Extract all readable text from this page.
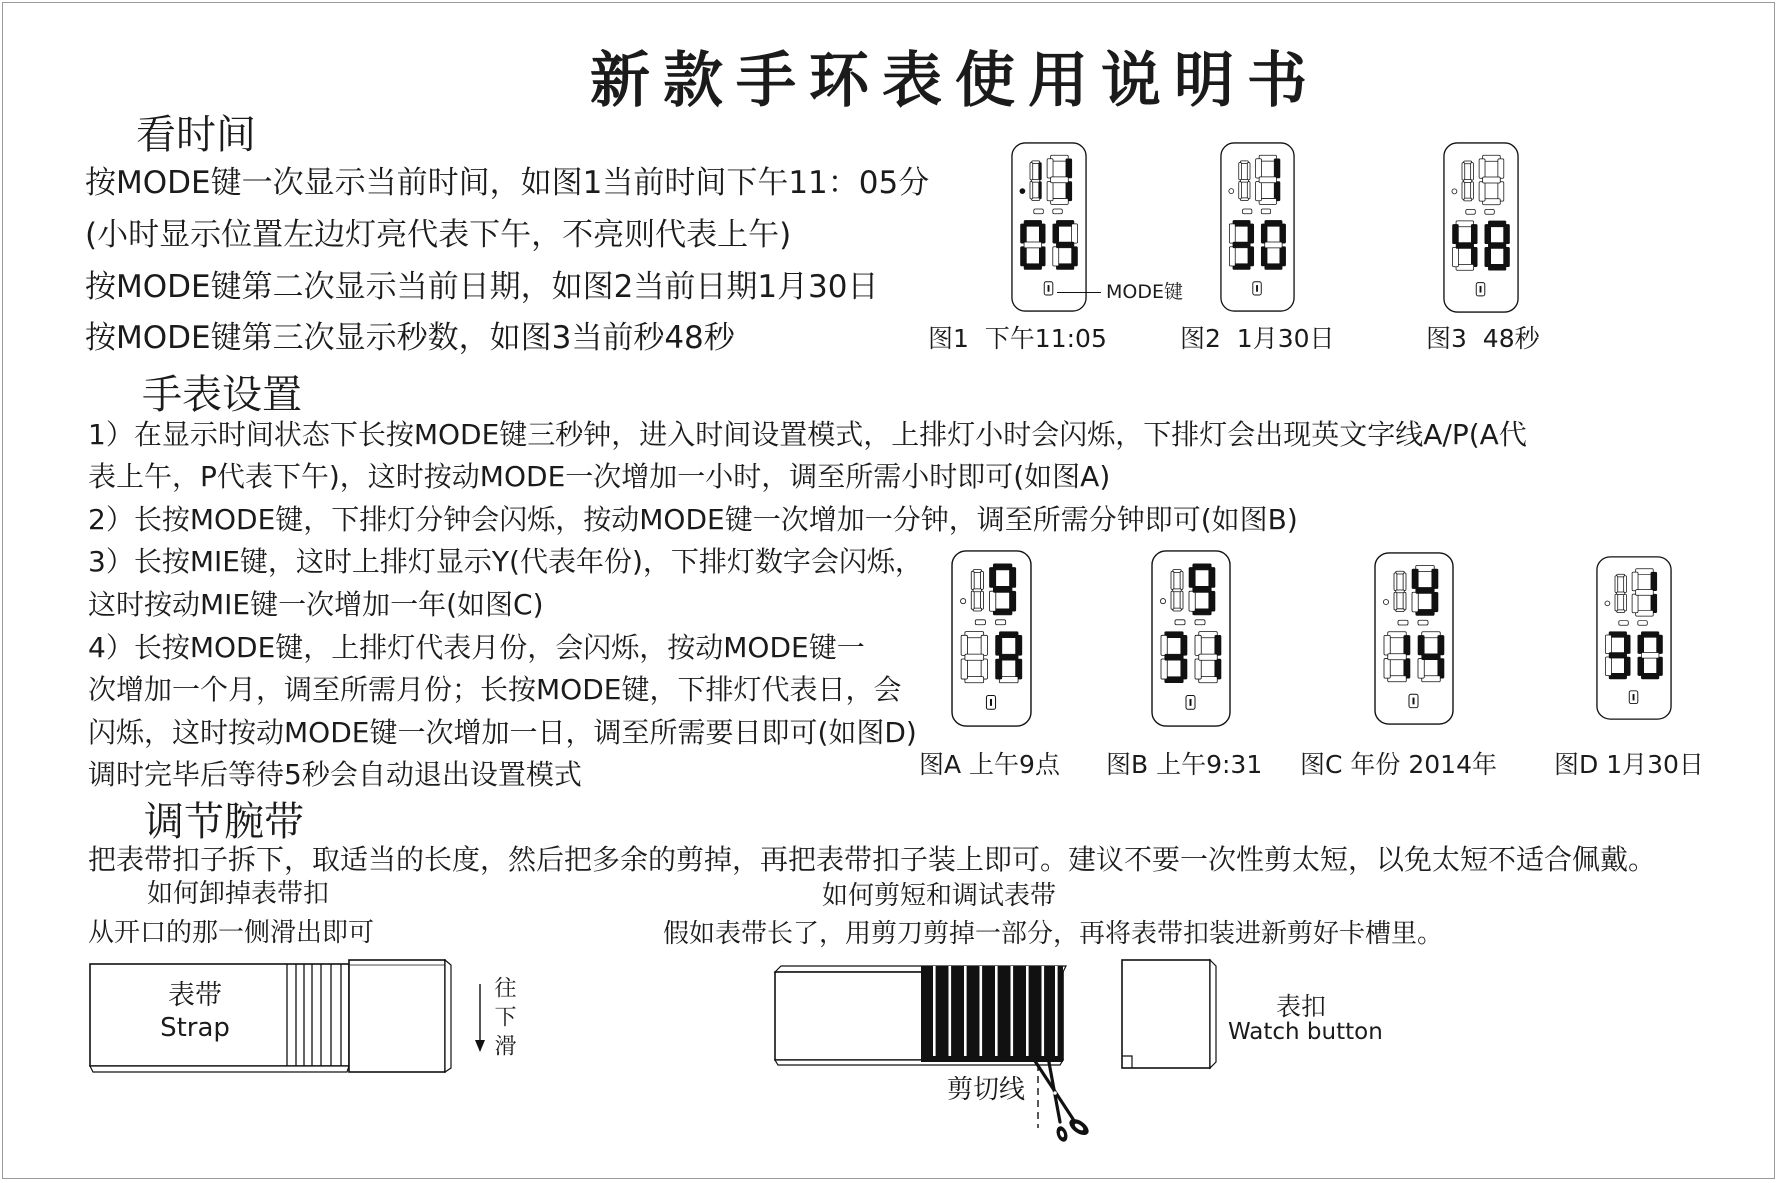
新款手环表使用说明书
看时间
按MODE键一次显示当前时间，如图1当前时间下午11：05分
(小时显示位置左边灯亮代表下午，不亮则代表上午)
按MODE键第二次显示当前日期，如图2当前日期1月30日
按MODE键第三次显示秒数，如图3当前秒48秒
MODE键
图1  下午11:05	图2  1月30日	图3  48秒
手表设置
1）在显示时间状态下长按MODE键三秒钟，进入时间设置模式，上排灯小时会闪烁，下排灯会出现英文字线A/P(A代
表上午，P代表下午)，这时按动MODE一次增加一小时，调至所需小时即可(如图A)
2）长按MODE键，下排灯分钟会闪烁，按动MODE键一次增加一分钟，调至所需分钟即可(如图B)
3）长按MIE键，这时上排灯显示Y(代表年份)，下排灯数字会闪烁，
这时按动MIE键一次增加一年(如图C)
4）长按MODE键，上排灯代表月份，会闪烁，按动MODE键一
次增加一个月，调至所需月份；长按MODE键，下排灯代表日，会
闪烁，这时按动MODE键一次增加一日，调至所需要日即可(如图D)
调时完毕后等待5秒会自动退出设置模式	图A 上午9点 图B 上午9:31 图C 年份 2014年 图D 1月30日
调节腕带
把表带扣子拆下，取适当的长度，然后把多余的剪掉，再把表带扣子装上即可。建议不要一次性剪太短，以免太短不适合佩戴。
如何卸掉表带扣
从开口的那一侧滑出即可
如何剪短和调试表带
假如表带长了，用剪刀剪掉一部分，再将表带扣装进新剪好卡槽里。
表带
Strap	往下滑
剪切线
表扣
Watch button
